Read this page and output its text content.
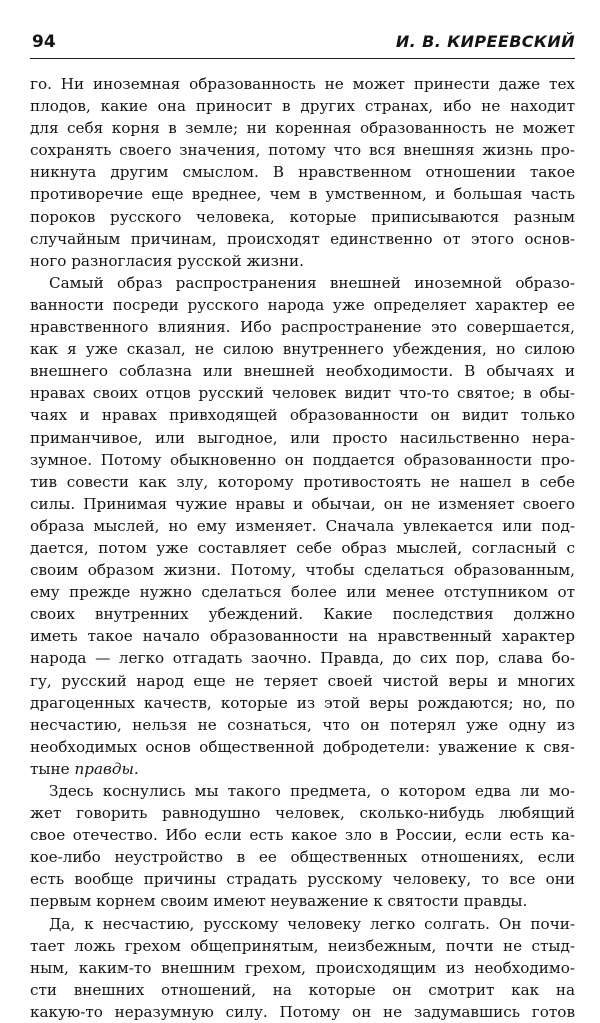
94	И. В. КИРЕЕВСКИЙ
го. Ни иноземная образованность не может принести даже тех
плодов, какие она приносит в других странах, ибо не находит
для себя корня в земле; ни коренная образованность не может
сохранять своего значения, потому что вся внешняя жизнь про-
никнута другим смыслом. В нравственном отношении такое
противоречие еще вреднее, чем в умственном, и большая часть
пороков русского человека, которые приписываются разным
случайным причинам, происходят единственно от этого основ-
ного разногласия русской жизни.
Самый образ распространения внешней иноземной образо-
ванности посреди русского народа уже определяет характер ее
нравственного влияния. Ибо распространение это совершается,
как я уже сказал, не силою внутреннего убеждения, но силою
внешнего соблазна или внешней необходимости. В обычаях и
нравах своих отцов русский человек видит что-то святое; в обы-
чаях и нравах привходящей образованности он видит только
приманчивое, или выгодное, или просто насильственно нера-
зумное. Потому обыкновенно он поддается образованности про-
тив совести как злу, которому противостоять не нашел в себе
силы. Принимая чужие нравы и обычаи, он не изменяет своего
образа мыслей, но ему изменяет. Сначала увлекается или под-
дается, потом уже составляет себе образ мыслей, согласный с
своим образом жизни. Потому, чтобы сделаться образованным,
ему прежде нужно сделаться более или менее отступником от
своих внутренних убеждений. Какие последствия должно
иметь такое начало образованности на нравственный характер
народа — легко отгадать заочно. Правда, до сих пор, слава бо-
гу, русский народ еще не теряет своей чистой веры и многих
драгоценных качеств, которые из этой веры рождаются; но, по
несчастию, нельзя не сознаться, что он потерял уже одну из
необходимых основ общественной добродетели: уважение к свя-
тыне правды.
Здесь коснулись мы такого предмета, о котором едва ли мо-
жет говорить равнодушно человек, сколько-нибудь любящий
свое отечество. Ибо если есть какое зло в России, если есть ка-
кое-либо неустройство в ее общественных отношениях, если
есть вообще причины страдать русскому человеку, то все они
первым корнем своим имеют неуважение к святости правды.
Да, к несчастию, русскому человеку легко солгать. Он почи-
тает ложь грехом общепринятым, неизбежным, почти не стыд-
ным, каким-то внешним грехом, происходящим из необходимо-
сти внешних отношений, на которые он смотрит как на
какую-то неразумную силу. Потому он не задумавшись готов
